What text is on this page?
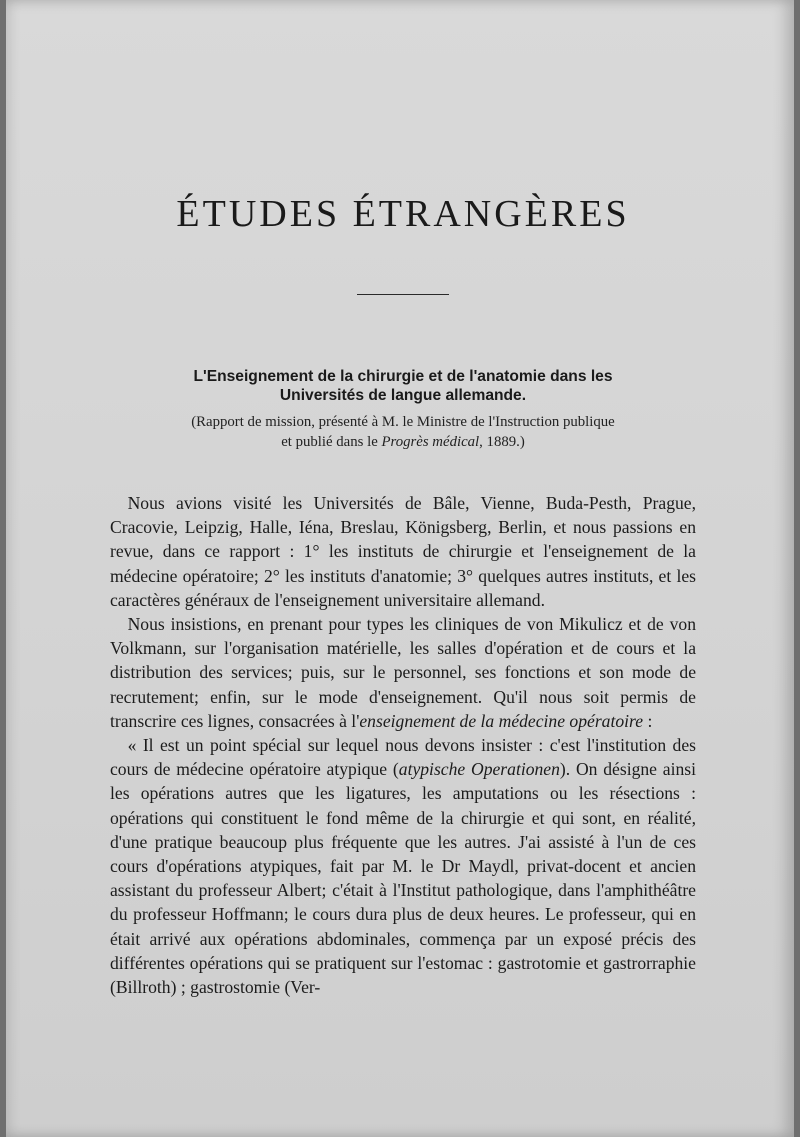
ÉTUDES ÉTRANGÈRES
L'Enseignement de la chirurgie et de l'anatomie dans les
Universités de langue allemande.
(Rapport de mission, présenté à M. le Ministre de l'Instruction publique
et publié dans le Progrès médical, 1889.)

 Nous avions visité les Universités de Bâle, Vienne, Buda-Pesth, Prague, Cracovie, Leipzig, Halle, Iéna, Breslau, Königsberg, Berlin, et nous passions en revue, dans ce rapport : 1° les instituts de chirurgie et l'enseignement de la médecine opératoire; 2° les instituts d'anatomie; 3° quelques autres instituts, et les caractères généraux de l'enseignement universitaire allemand.

 Nous insistions, en prenant pour types les cliniques de von Mikulicz et de von Volkmann, sur l'organisation matérielle, les salles d'opération et de cours et la distribution des services; puis, sur le personnel, ses fonctions et son mode de recrutement; enfin, sur le mode d'enseignement. Qu'il nous soit permis de transcrire ces lignes, consacrées à l'enseignement de la médecine opératoire :

 « Il est un point spécial sur lequel nous devons insister : c'est l'institution des cours de médecine opératoire atypique (atypische Operationen). On désigne ainsi les opérations autres que les ligatures, les amputations ou les résections : opérations qui constituent le fond même de la chirurgie et qui sont, en réalité, d'une pratique beaucoup plus fréquente que les autres. J'ai assisté à l'un de ces cours d'opérations atypiques, fait par M. le Dr Maydl, privat-docent et ancien assistant du professeur Albert; c'était à l'Institut pathologique, dans l'amphithéâtre du professeur Hoffmann; le cours dura plus de deux heures. Le professeur, qui en était arrivé aux opérations abdominales, commença par un exposé précis des différentes opérations qui se pratiquent sur l'estomac : gastrotomie et gastrorraphie (Billroth) ; gastrostomie (Ver-
